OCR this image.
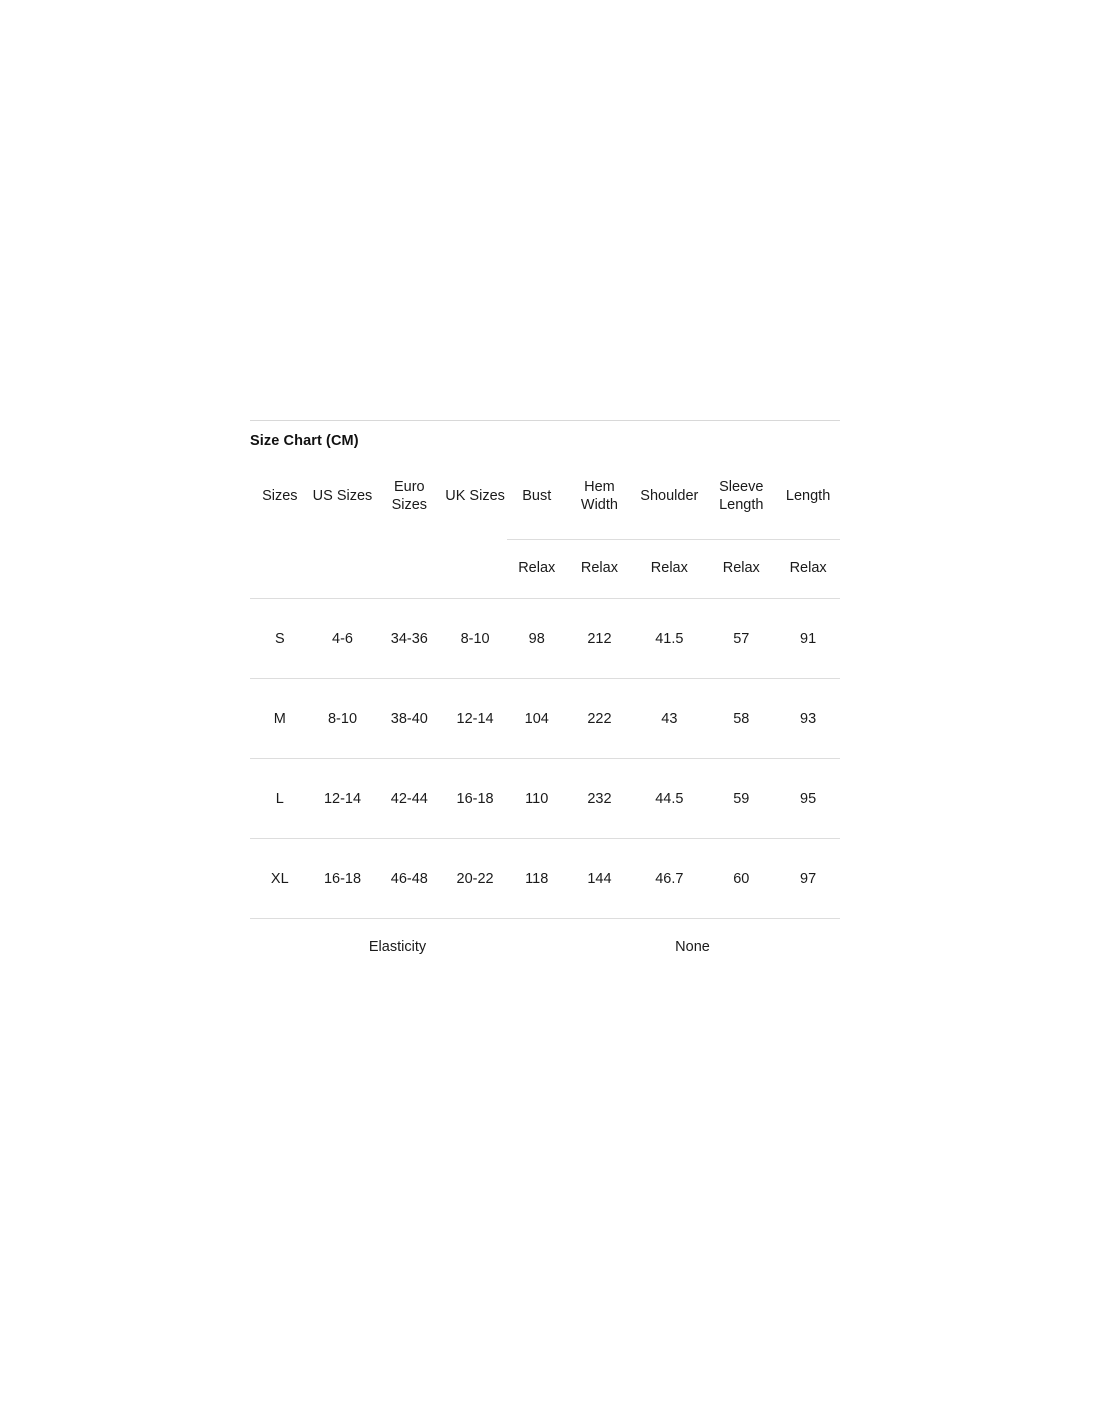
Size Chart (CM)
Sizes	US Sizes	Euro Sizes	UK Sizes	Bust	Hem Width	Shoulder	Sleeve Length	Length
				Relax	Relax	Relax	Relax	Relax
S	4-6	34-36	8-10	98	212	41.5	57	91
M	8-10	38-40	12-14	104	222	43	58	93
L	12-14	42-44	16-18	110	232	44.5	59	95
XL	16-18	46-48	20-22	118	144	46.7	60	97
Elasticity	None
